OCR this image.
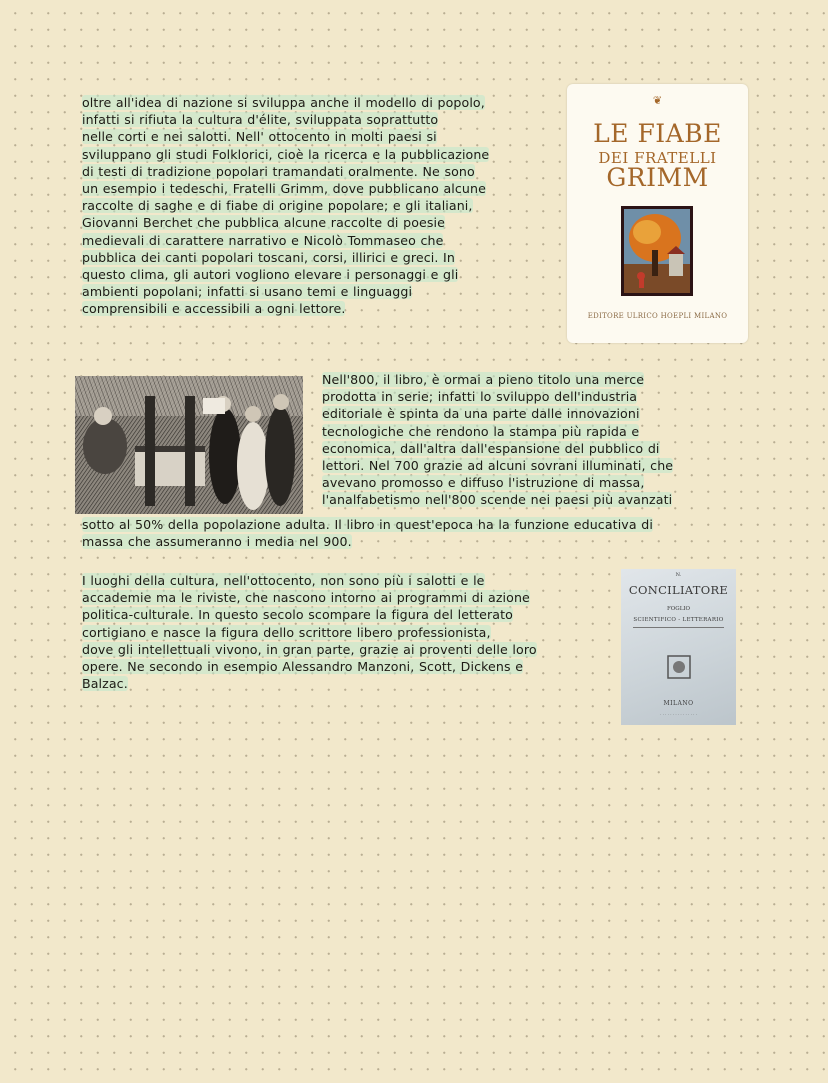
oltre all'idea di nazione si sviluppa anche il modello di popolo,
infatti si rifiuta la cultura d'élite, sviluppata soprattutto
nelle corti e nei salotti. Nell' ottocento in molti paesi si
sviluppano gli studi Folklorici, cioè la ricerca e la pubblicazione
di testi di tradizione popolari tramandati oralmente. Ne sono
un esempio i tedeschi, Fratelli Grimm, dove pubblicano alcune
raccolte di saghe e di fiabe di origine popolare; e gli italiani,
Giovanni Berchet che pubblica alcune raccolte di poesie
medievali di carattere narrativo e Nicolò Tommaseo che
pubblica dei canti popolari toscani, corsi, illirici e greci. In
questo clima, gli autori vogliono elevare i personaggi e gli
ambienti popolani; infatti si usano temi e linguaggi
comprensibili e accessibili a ogni lettore.

❦
LE FIABE
DEI FRATELLI
GRIMM
EDITORE ULRICO HOEPLI MILANO

Nell'800, il libro, è ormai a pieno titolo una merce
prodotta in serie; infatti lo sviluppo dell'industria
editoriale è spinta da una parte dalle innovazioni
tecnologiche che rendono la stampa più rapida e
economica, dall'altra dall'espansione del pubblico di
lettori. Nel 700 grazie ad alcuni sovrani illuminati, che
avevano promosso e diffuso l'istruzione di massa,
l'analfabetismo nell'800 scende nei paesi più avanzati

sotto al 50% della popolazione adulta. Il libro in quest'epoca ha la funzione educativa di
massa che assumeranno i media nel 900.

I luoghi della cultura, nell'ottocento, non sono più i salotti e le
accademie ma le riviste, che nascono intorno ai programmi di azione
politica-culturale. In questo secolo scompare la figura del letterato
cortigiano e nasce la figura dello scrittore libero professionista,
dove gli intellettuali vivono, in gran parte, grazie ai proventi delle loro
opere. Ne secondo in esempio Alessandro Manzoni, Scott, Dickens e
Balzac.

N.
CONCILIATORE
FOGLIO
SCIENTIFICO - LETTERARIO
MILANO
. . . . . . . . . . . . . . .
